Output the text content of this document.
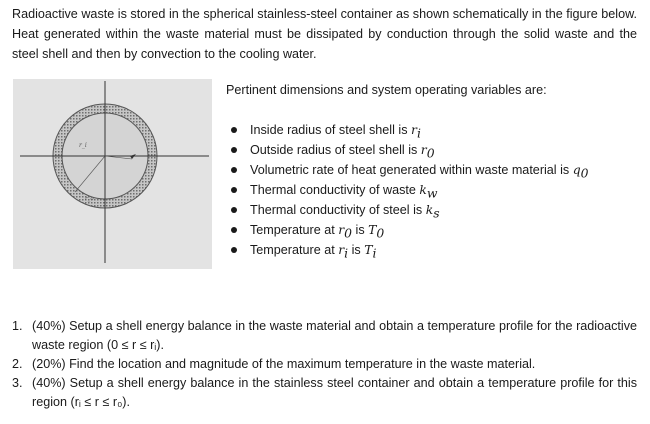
Radioactive waste is stored in the spherical stainless-steel container as shown schematically in the figure below. Heat generated within the waste material must be dissipated by conduction through the solid waste and the steel shell and then by convection to the cooling water.

r_i
r_o

Pertinent dimensions and system operating variables are:

Inside radius of steel shell is $r_i$
Outside radius of steel shell is $r_0$
Volumetric rate of heat generated within waste material is $q_0$
Thermal conductivity of waste $k_w$
Thermal conductivity of steel is $k_s$
Temperature at $r_0$ is $T_0$
Temperature at $r_i$ is $T_i$
1. (40%) Setup a shell energy balance in the waste material and obtain a temperature profile for the radioactive waste region (0 ≤ r ≤ rᵢ).
2. (20%) Find the location and magnitude of the maximum temperature in the waste material.
3. (40%) Setup a shell energy balance in the stainless steel container and obtain a temperature profile for this region (rᵢ ≤ r ≤ r₀).
